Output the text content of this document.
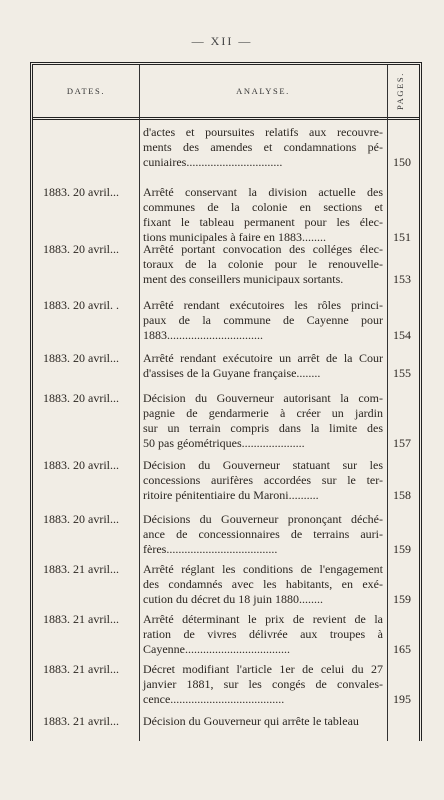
— XII —
DATES.	ANALYSE.	PAGES.
d'actes et poursuites relatifs aux recouvre-
ments des amendes et condamnations pé-
cuniaires................................	150
1883. 20 avril...	Arrêté conservant la division actuelle des
communes de la colonie en sections et
fixant le tableau permanent pour les élec-
tions municipales à faire en 1883........	151
1883. 20 avril...	Arrêté portant convocation des colléges élec-
toraux de la colonie pour le renouvelle-
ment des conseillers municipaux sortants.	153
1883. 20 avril. .	Arrêté rendant exécutoires les rôles princi-
paux de la commune de Cayenne pour
1883................................	154
1883. 20 avril...	Arrêté rendant exécutoire un arrêt de la Cour
d'assises de la Guyane française........	155
1883. 20 avril...	Décision du Gouverneur autorisant la com-
pagnie de gendarmerie à créer un jardin
sur un terrain compris dans la limite des
50 pas géométriques.....................	157
1883. 20 avril...	Décision du Gouverneur statuant sur les
concessions aurifères accordées sur le ter-
ritoire pénitentiaire du Maroni..........	158
1883. 20 avril...	Décisions du Gouverneur prononçant déché-
ance de concessionnaires de terrains auri-
fères.....................................	159
1883. 21 avril...	Arrêté réglant les conditions de l'engagement
des condamnés avec les habitants, en exé-
cution du décret du 18 juin 1880........	159
1883. 21 avril...	Arrêté déterminant le prix de revient de la
ration de vivres délivrée aux troupes à
Cayenne...................................	165
1883. 21 avril...	Décret modifiant l'article 1er de celui du 27
janvier 1881, sur les congés de convales-
cence......................................	195
1883. 21 avril...	Décision du Gouverneur qui arrête le tableau
